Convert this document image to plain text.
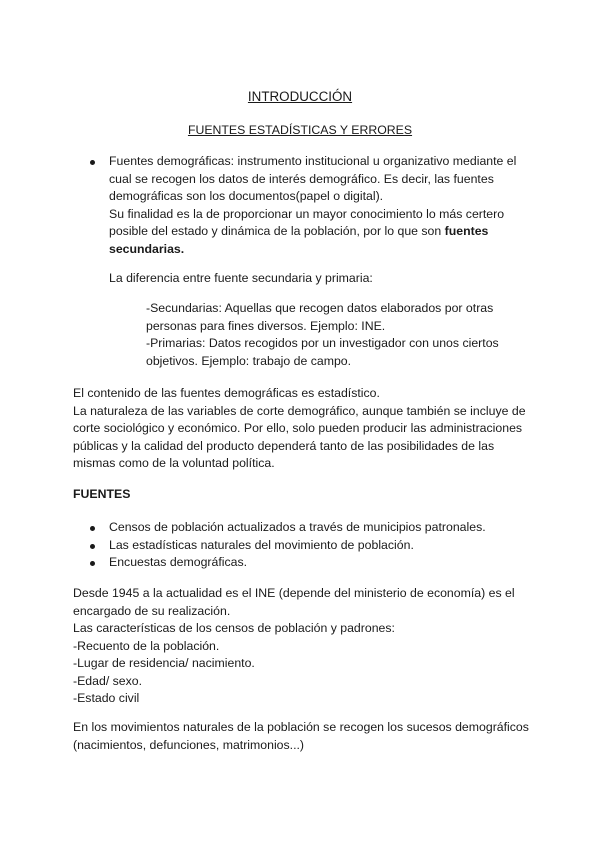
INTRODUCCIÓN
FUENTES ESTADÍSTICAS Y ERRORES
Fuentes demográficas: instrumento institucional u organizativo mediante el
cual se recogen los datos de interés demográfico. Es decir, las fuentes
demográficas son los documentos(papel o digital).
Su finalidad es la de proporcionar un mayor conocimiento lo más certero
posible del estado y dinámica de la población, por lo que son fuentes
secundarias.
La diferencia entre fuente secundaria y primaria:
-Secundarias: Aquellas que recogen datos elaborados por otras
personas para fines diversos. Ejemplo: INE.
-Primarias: Datos recogidos por un investigador con unos ciertos
objetivos. Ejemplo: trabajo de campo.
El contenido de las fuentes demográficas es estadístico.
La naturaleza de las variables de corte demográfico, aunque también se incluye de
corte sociológico y económico. Por ello, solo pueden producir las administraciones
públicas y la calidad del producto dependerá tanto de las posibilidades de las
mismas como de la voluntad política.
FUENTES
Censos de población actualizados a través de municipios patronales.
Las estadísticas naturales del movimiento de población.
Encuestas demográficas.
Desde 1945 a la actualidad es el INE (depende del ministerio de economía) es el
encargado de su realización.
Las características de los censos de población y padrones:
-Recuento de la población.
-Lugar de residencia/ nacimiento.
-Edad/ sexo.
-Estado civil
En los movimientos naturales de la población se recogen los sucesos demográficos
(nacimientos, defunciones, matrimonios...)
